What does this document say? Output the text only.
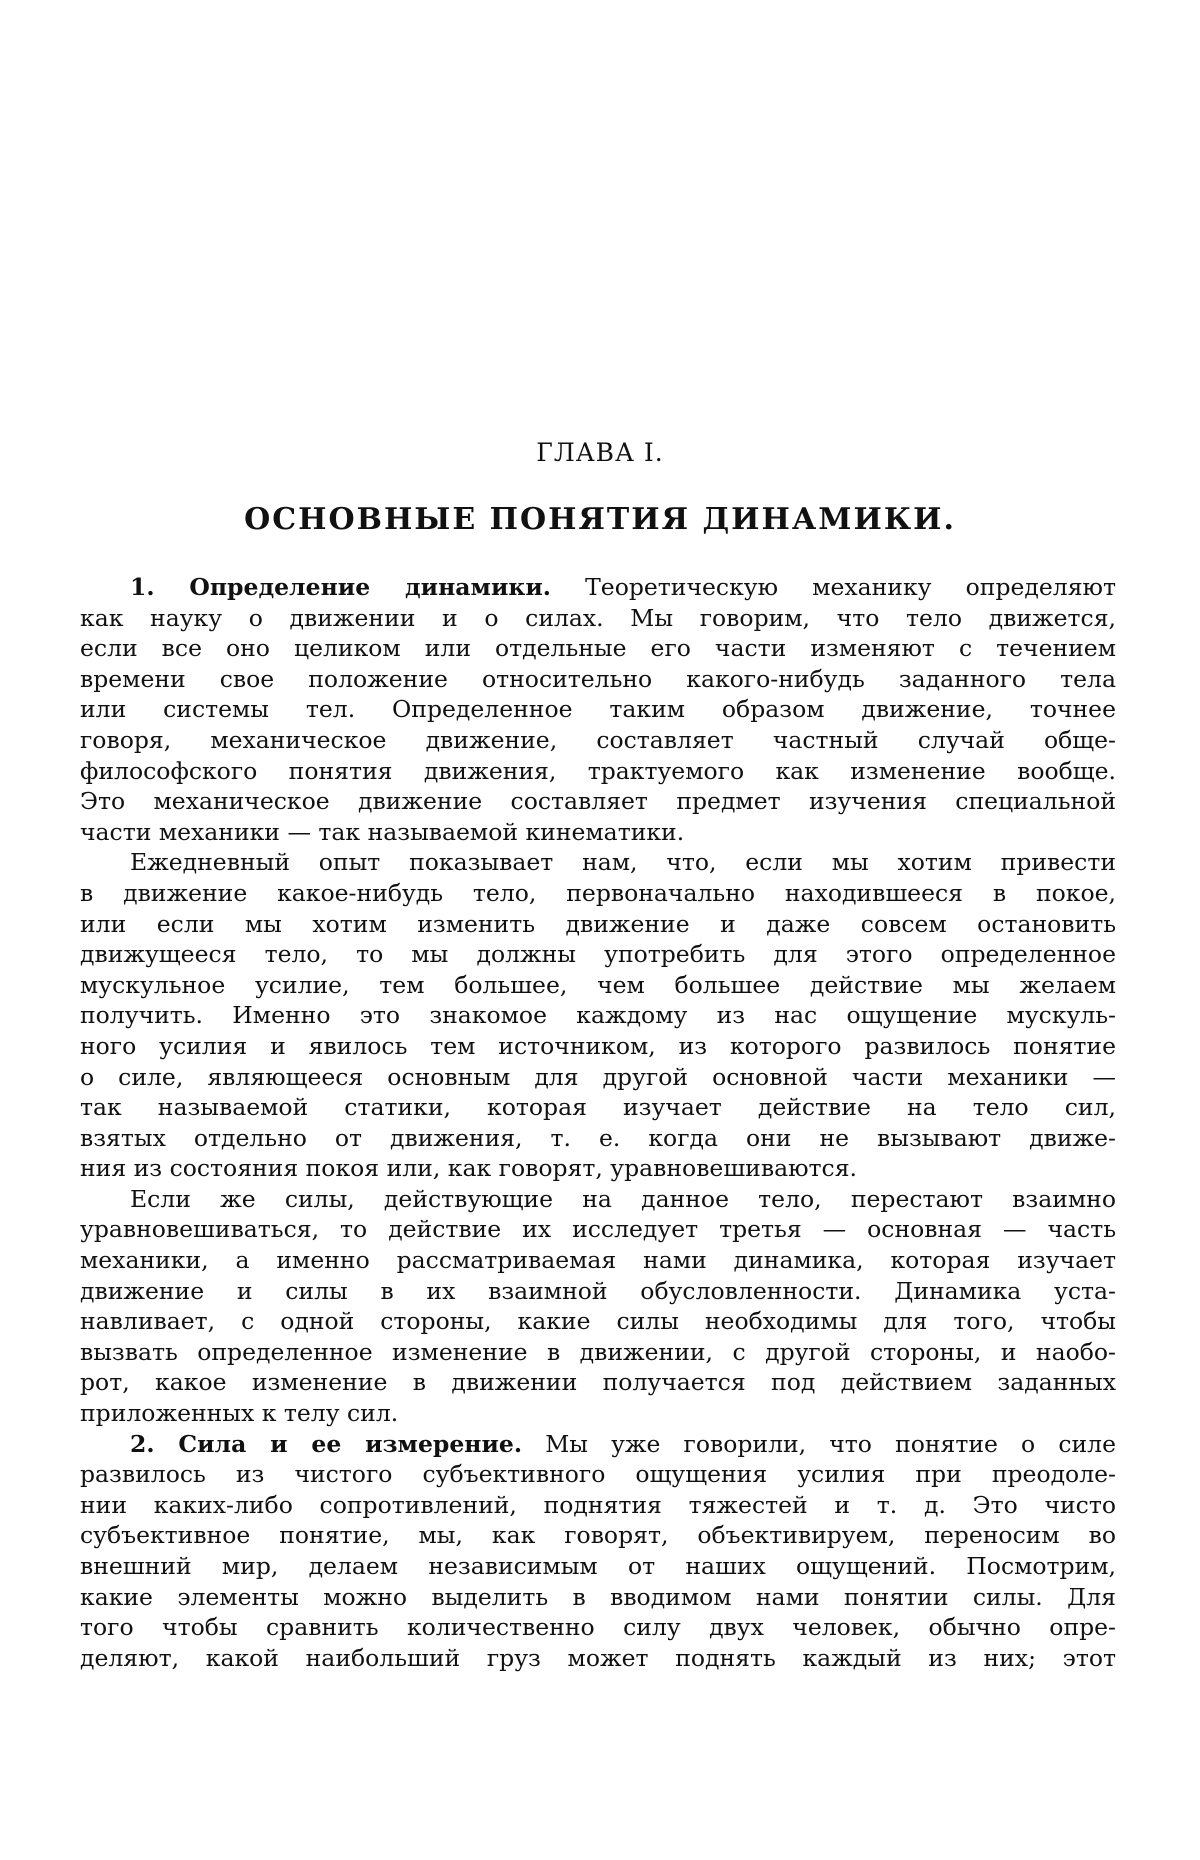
ГЛАВА I.
ОСНОВНЫЕ ПОНЯТИЯ ДИНАМИКИ.
1. Определение динамики. Теоретическую механику определяют
как науку о движении и о силах. Мы говорим, что тело движется,
если все оно целиком или отдельные его части изменяют с течением
времени свое положение относительно какого-нибудь заданного тела
или системы тел. Определенное таким образом движение, точнее
говоря, механическое движение, составляет частный случай обще-
философского понятия движения, трактуемого как изменение вообще.
Это механическое движение составляет предмет изучения специальной
части механики — так называемой кинематики.
Ежедневный опыт показывает нам, что, если мы хотим привести
в движение какое-нибудь тело, первоначально находившееся в покое,
или если мы хотим изменить движение и даже совсем остановить
движущееся тело, то мы должны употребить для этого определенное
мускульное усилие, тем большее, чем большее действие мы желаем
получить. Именно это знакомое каждому из нас ощущение мускуль-
ного усилия и явилось тем источником, из которого развилось понятие
о силе, являющееся основным для другой основной части механики —
так называемой статики, которая изучает действие на тело сил,
взятых отдельно от движения, т. е. когда они не вызывают движе-
ния из состояния покоя или, как говорят, уравновешиваются.
Если же силы, действующие на данное тело, перестают взаимно
уравновешиваться, то действие их исследует третья — основная — часть
механики, а именно рассматриваемая нами динамика, которая изучает
движение и силы в их взаимной обусловленности. Динамика уста-
навливает, с одной стороны, какие силы необходимы для того, чтобы
вызвать определенное изменение в движении, с другой стороны, и наобо-
рот, какое изменение в движении получается под действием заданных
приложенных к телу сил.
2. Сила и ее измерение. Мы уже говорили, что понятие о силе
развилось из чистого субъективного ощущения усилия при преодоле-
нии каких-либо сопротивлений, поднятия тяжестей и т. д. Это чисто
субъективное понятие, мы, как говорят, объективируем, переносим во
внешний мир, делаем независимым от наших ощущений. Посмотрим,
какие элементы можно выделить в вводимом нами понятии силы. Для
того чтобы сравнить количественно силу двух человек, обычно опре-
деляют, какой наибольший груз может поднять каждый из них; этот
